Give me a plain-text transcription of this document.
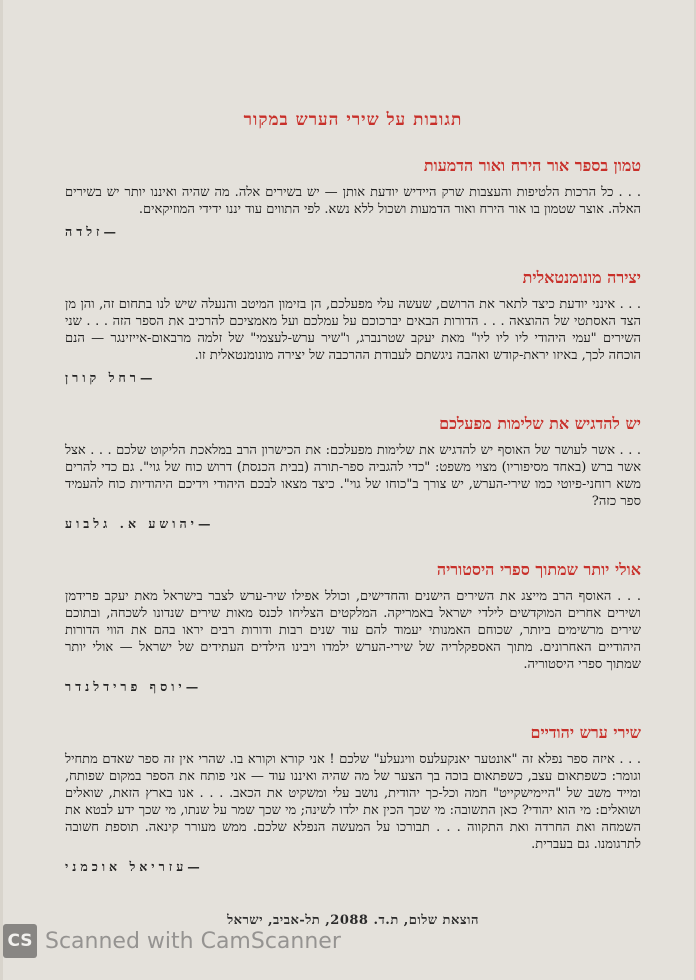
תגובות על שירי הערש במקור
טמון בספר אור הירח ואור הדמעות

. . . כל הרכות הלטיפות והעצבות שרק היידיש יודעת אותן — יש בשירים אלה. מה שהיה ואיננו יותר יש בשירים האלה. אוצר שטמון בו אור הירח ואור הדמעות ושכול ללא נשא. לפי התווים עוד יננו ידידי המוזיקאים.

—זלדה
יצירה מונומנטאלית

. . . אינני יודעת כיצד לתאר את הרושם, שעשה עלי מפעלכם, הן בזימון המיטב והנעלה שיש לנו בתחום זה, והן מן הצד האסתטי של ההוצאה . . . הדורות הבאים יברכוכם על עמלכם ועל מאמציכם להרכיב את הספר הזה . . . שני השירים "עמי היהודי ליו ליו ליו" מאת יעקב שטרנברג, ו"שיר ערש-לעצמי" של זלמה מרבאום-אייזינגר — הנם הוכחה לכך, באיזו יראת-קודש ואהבה ניגשתם לעבודת ההרכבה של יצירה מונומנטאלית זו.

—רחל קורן
יש להדגיש את שלימות מפעלכם

. . . אשר לעושר של האוסף יש להדגיש את שלימות מפעלכם: את הכישרון הרב במלאכת הליקוט שלכם . . . אצל אשר ברש (באחד מסיפוריו) מצוי משפט: "כדי להגביה ספר-תורה (בבית הכנסת) דרוש כוח של גוי". גם כדי להרים משא רוחני-פיוטי כמו שירי-הערש, יש צורך ב"כוחו של גוי". כיצד מצאו לבכם היהודי וידיכם היהודיות כוח להעמיד ספר כזה?

—יהושע א. גלבוע
אולי יותר שמתוך ספרי היסטוריה

. . . האוסף הרב מייצג את השירים הישנים והחדישים, וכולל אפילו שיר-ערש לצבר בישראל מאת יעקב פרידמן ושירים אחרים המוקדשים לילדי ישראל באמריקה. המלקטים הצליחו לכנס מאות שירים שנדונו לשכחה, ובתוכם שירים מרשימים ביותר, שכוחם האמנותי יעמוד להם עוד שנים רבות ודורות רבים יראו בהם את הווי הדורות היהודיים האחרונים. מתוך האספקלריה של שירי-הערש ילמדו ויבינו הילדים העתידים של ישראל — אולי יותר שמתוך ספרי היסטוריה.

—יוסף פרידלנדר
שירי ערש יהודיים

. . . איזה ספר נפלא זה "אונטער יאנקעלעס וויגעלע" שלכם ! אני קורא וקורא בו. שהרי אין זה ספר שאדם מתחיל וגומר: כשפתאום עצב, כשפתאום בוכה בך הצער של מה שהיה ואיננו עוד — אני פותח את הספר במקום שפותח, ומייד משב של "היימישקייט" חמה וכל-כך יהודית, נושב עלי ומשקיט את הכאב. . . . אנו בארץ הזאת, שואלים ושואלים: מי הוא יהודי? כאן התשובה: מי שכך הכין את ילדו לשינה; מי שכך שמר על שנתו, מי שכך ידע לבטא את השמחה ואת החרדה ואת התקווה . . . תבורכו על המעשה הנפלא שלכם. ממש מעורר קינאה. תוספת חשובה לתרגומנו. גם בעברית.

—עזריאל אוכמני
הוצאת שלום, ת.ד. 2088, תל-אביב, ישראל
CS Scanned with CamScanner
